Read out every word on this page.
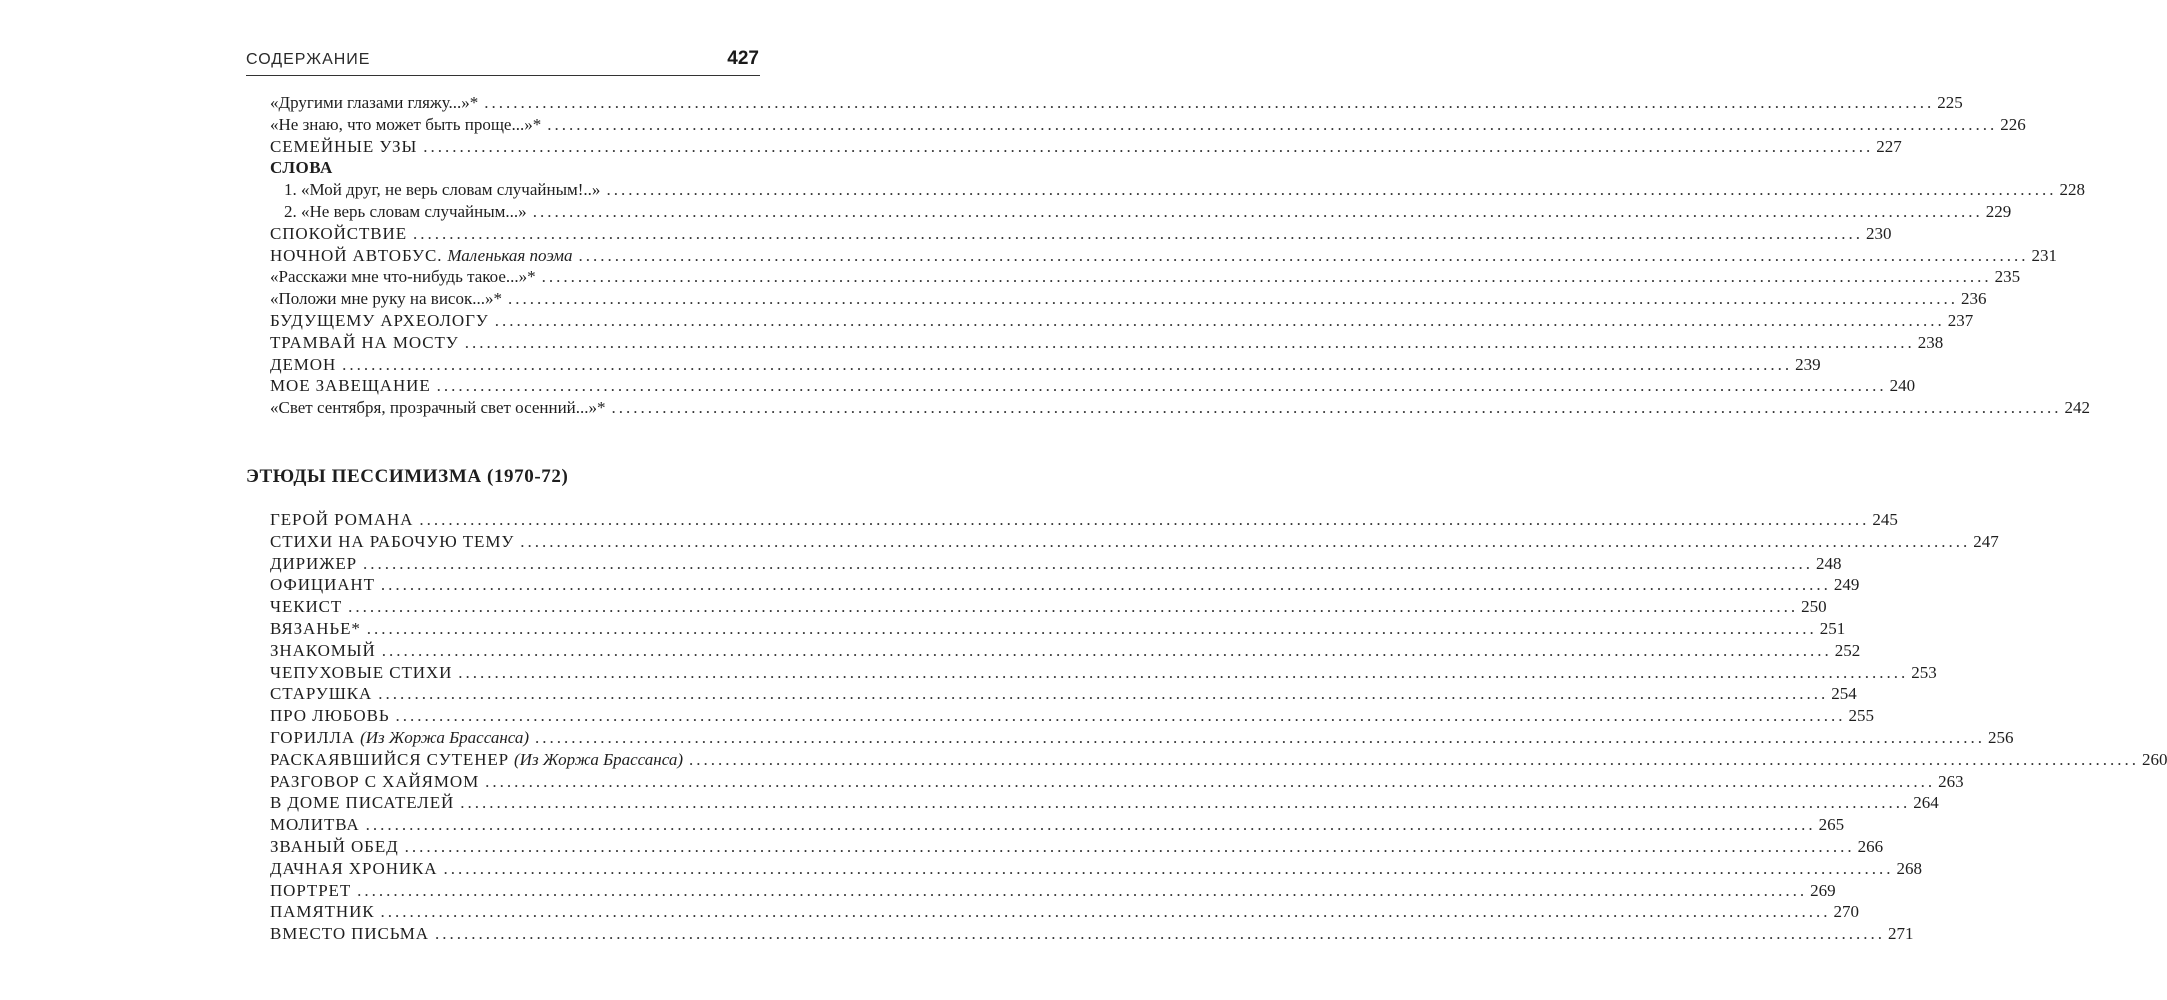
СОДЕРЖАНИЕ	427
«Другими глазами гляжу...»* ........................................................................................................................................................................................................ 225
«Не знаю, что может быть проще...»* ........................................................................................................................................................................................................ 226
СЕМЕЙНЫЕ УЗЫ ........................................................................................................................................................................................................ 227
СЛОВА
1. «Мой друг, не верь словам случайным!..» ........................................................................................................................................................................................................ 228
2. «Не верь словам случайным...» ........................................................................................................................................................................................................ 229
СПОКОЙСТВИЕ ........................................................................................................................................................................................................ 230
НОЧНОЙ АВТОБУС. Маленькая поэма ........................................................................................................................................................................................................ 231
«Расскажи мне что-нибудь такое...»* ........................................................................................................................................................................................................ 235
«Положи мне руку на висок...»* ........................................................................................................................................................................................................ 236
БУДУЩЕМУ АРХЕОЛОГУ ........................................................................................................................................................................................................ 237
ТРАМВАЙ НА МОСТУ ........................................................................................................................................................................................................ 238
ДЕМОН ........................................................................................................................................................................................................ 239
МОЕ ЗАВЕЩАНИЕ ........................................................................................................................................................................................................ 240
«Свет сентября, прозрачный свет осенний...»* ........................................................................................................................................................................................................ 242
ЭТЮДЫ ПЕССИМИЗМА (1970-72)
ГЕРОЙ РОМАНА ........................................................................................................................................................................................................ 245
СТИХИ НА РАБОЧУЮ ТЕМУ ........................................................................................................................................................................................................ 247
ДИРИЖЕР ........................................................................................................................................................................................................ 248
ОФИЦИАНТ ........................................................................................................................................................................................................ 249
ЧЕКИСТ ........................................................................................................................................................................................................ 250
ВЯЗАНЬЕ* ........................................................................................................................................................................................................ 251
ЗНАКОМЫЙ ........................................................................................................................................................................................................ 252
ЧЕПУХОВЫЕ СТИХИ ........................................................................................................................................................................................................ 253
СТАРУШКА ........................................................................................................................................................................................................ 254
ПРО ЛЮБОВЬ ........................................................................................................................................................................................................ 255
ГОРИЛЛА (Из Жоржа Брассанса) ........................................................................................................................................................................................................ 256
РАСКАЯВШИЙСЯ СУТЕНЕР (Из Жоржа Брассанса) ........................................................................................................................................................................................................ 260
РАЗГОВОР С ХАЙЯМОМ ........................................................................................................................................................................................................ 263
В ДОМЕ ПИСАТЕЛЕЙ ........................................................................................................................................................................................................ 264
МОЛИТВА ........................................................................................................................................................................................................ 265
ЗВАНЫЙ ОБЕД ........................................................................................................................................................................................................ 266
ДАЧНАЯ ХРОНИКА ........................................................................................................................................................................................................ 268
ПОРТРЕТ ........................................................................................................................................................................................................ 269
ПАМЯТНИК ........................................................................................................................................................................................................ 270
ВМЕСТО ПИСЬМА ........................................................................................................................................................................................................ 271
